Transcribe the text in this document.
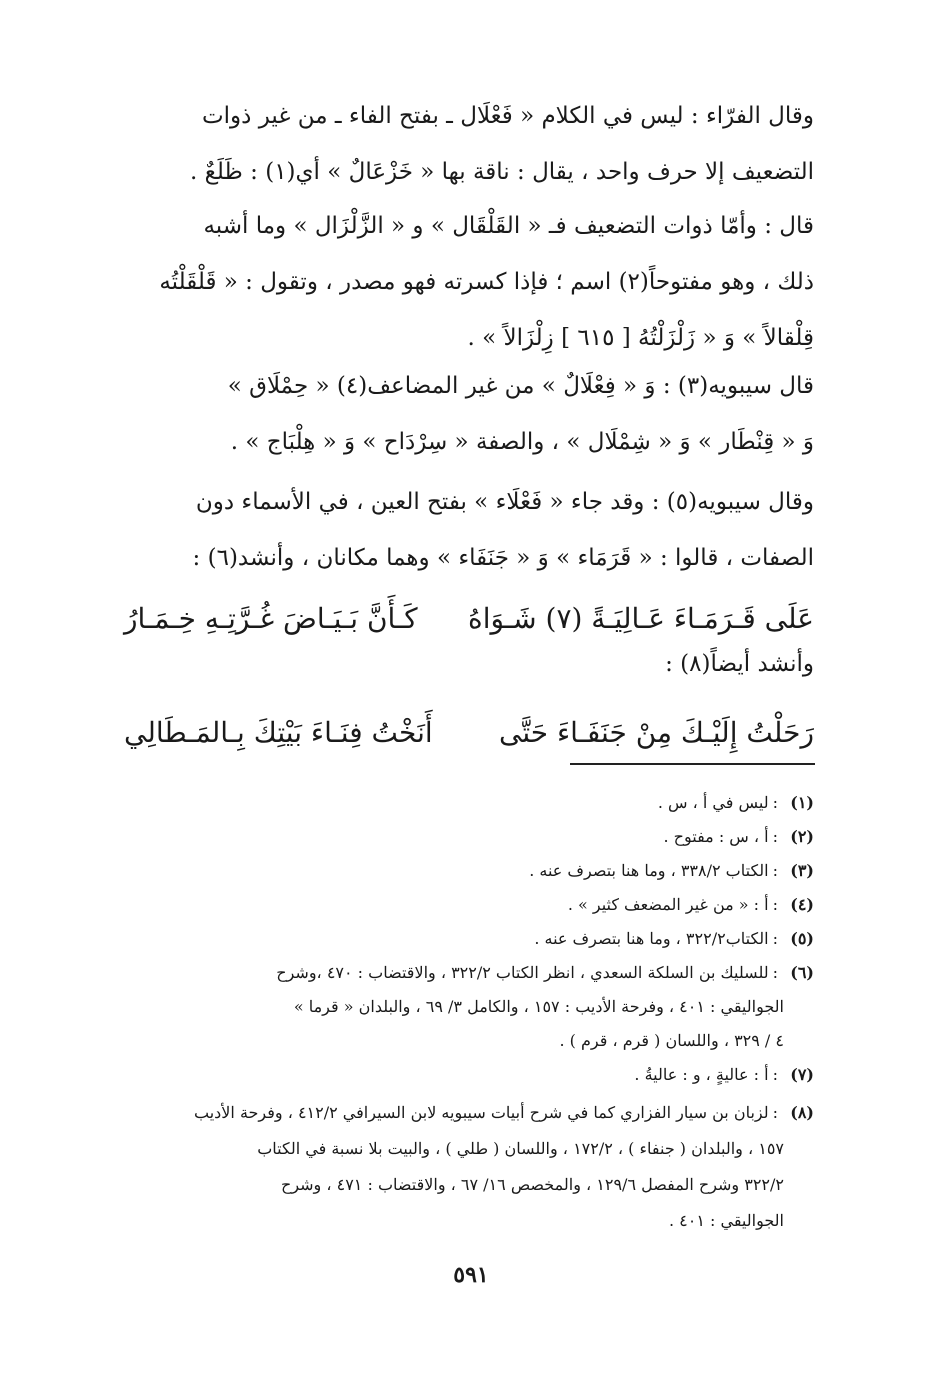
وقال الفرّاء : ليس في الكلام « فَعْلَال ـ بفتح الفاء ـ من غير ذوات
التضعيف إلا حرف واحد ، يقال : ناقة بها « خَزْعَالٌ » أي(١) : ظَلَعٌ .
قال : وأمّا ذوات التضعيف فـ « القَلْقَال » و « الزَّلْزَال » وما أشبه
ذلك ، وهو مفتوحاً(٢) اسم ؛ فإذا كسرته فهو مصدر ، وتقول : « قَلْقَلْتُه
قِلْقالاً » وَ « زَلْزَلْتُهُ [ ٦١٥ ] زِلْزَالاً » .
قال سيبويه(٣) : وَ « فِعْلَالٌ » من غير المضاعف(٤) « حِمْلَاق »
وَ « قِنْطَار » وَ « شِمْلَال » ، والصفة « سِرْدَاح » وَ « هِلْبَاج » .
وقال سيبويه(٥) : وقد جاء « فَعْلَاء » بفتح العين ، في الأسماء دون
الصفات ، قالوا : « قَرَمَاء » وَ « جَنَفَاء » وهما مكانان ، وأنشد(٦) :
عَلَى قَـرَمَـاءَ عَـالِيَـةً (٧) شَـوَاهُ
كَـأَنَّ بَـيَـاضَ غُـرَّتِـهِ خِـمَـارُ
وأنشد أيضاً(٨) :
رَحَلْتُ إِلَيْـكَ مِنْ جَنَفَـاءَ حَتَّى
أَنَخْتُ فِنَـاءَ بَيْتِكَ بِـالمَـطَالِي
(١):ليس في أ ، س .
(٢):أ ، س : مفتوح .
(٣):الكتاب ٣٣٨/٢ ، وما هنا بتصرف عنه .
(٤):أ : « من غير المضعف كثير » .
(٥):الكتاب٣٢٢/٢ ، وما هنا بتصرف عنه .
(٦):للسليك بن السلكة السعدي ، انظر الكتاب ٣٢٢/٢ ، والاقتضاب : ٤٧٠ ،وشرح
الجواليقي : ٤٠١ ، وفرحة الأديب : ١٥٧ ، والكامل ٣/ ٦٩ ، والبلدان « قرما »
٤ / ٣٢٩ ، واللسان ( قرم ، قرم ) .
(٧):أ : عاليةٍ ، و : عاليةُ .
(٨):لزبان بن سيار الفزاري كما في شرح أبيات سيبويه لابن السيرافي ٤١٢/٢ ، وفرحة الأديب
١٥٧ ، والبلدان ( جنفاء ) ، ١٧٢/٢ ، واللسان ( طلي ) ، والبيت بلا نسبة في الكتاب
٣٢٢/٢ وشرح المفصل ١٢٩/٦ ، والمخصص ١٦/ ٦٧ ، والاقتضاب : ٤٧١ ، وشرح
الجواليقي : ٤٠١ .
٥٩١
